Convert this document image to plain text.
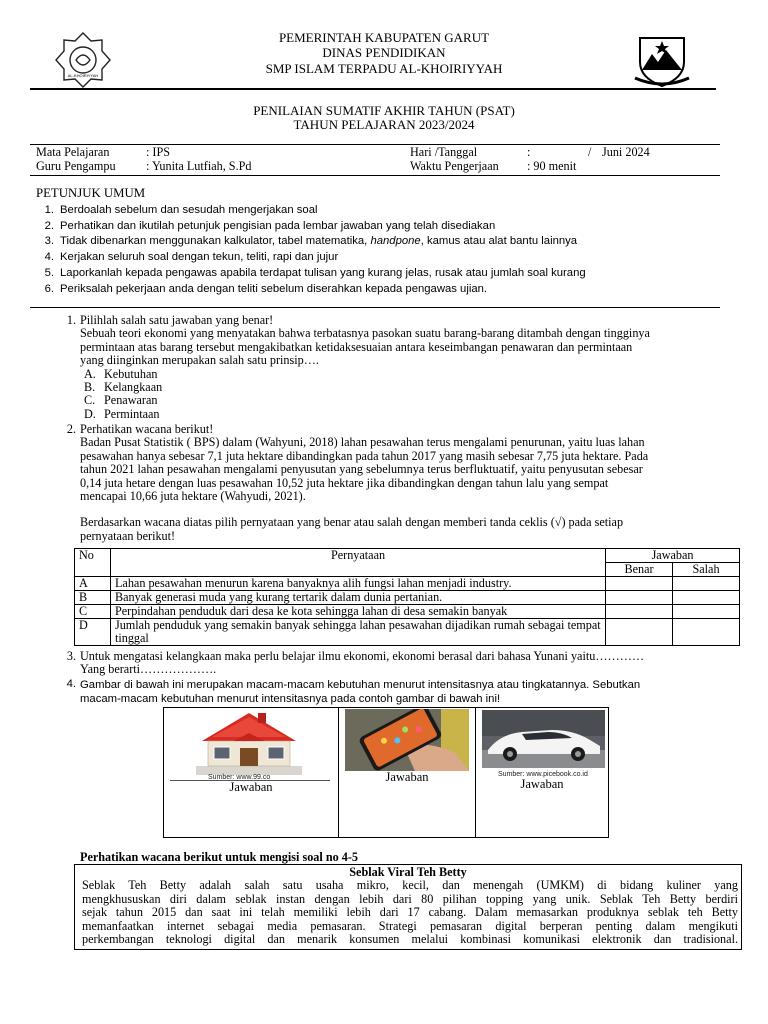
AL-KHOIRIYYAH
PEMERINTAH KABUPATEN GARUT
DINAS PENDIDIKAN
SMP ISLAM TERPADU AL-KHOIRIYYAH
PENILAIAN SUMATIF AKHIR TAHUN (PSAT)
TAHUN PELAJARAN 2023/2024
Mata Pelajaran	: IPS
Guru Pengampu : Yunita Lutfiah, S.Pd
Hari /Tanggal	:	/ Juni 2024
Waktu Pengerjaan : 90 menit
PETUNJUK UMUM
1. Berdoalah sebelum dan sesudah mengerjakan soal
2. Perhatikan dan ikutilah petunjuk pengisian pada lembar jawaban yang telah disediakan
3. Tidak dibenarkan menggunakan kalkulator, tabel matematika, handpone, kamus atau alat bantu lainnya
4. Kerjakan seluruh soal dengan tekun, teliti, rapi dan jujur
5. Laporkanlah kepada pengawas apabila terdapat tulisan yang kurang jelas, rusak atau jumlah soal kurang
6. Periksalah pekerjaan anda dengan teliti sebelum diserahkan kepada pengawas ujian.
1. Pilihlah salah satu jawaban yang benar!
Sebuah teori ekonomi yang menyatakan bahwa terbatasnya pasokan suatu barang-barang ditambah dengan tingginya
permintaan atas barang tersebut mengakibatkan ketidaksesuaian antara keseimbangan penawaran dan permintaan
yang diinginkan merupakan salah satu prinsip….
A. Kebutuhan
B. Kelangkaan
C. Penawaran
D. Permintaan
2. Perhatikan wacana berikut!
Badan Pusat Statistik ( BPS) dalam (Wahyuni, 2018) lahan pesawahan terus mengalami penurunan, yaitu luas lahan
pesawahan hanya sebesar 7,1 juta hektare dibandingkan pada tahun 2017 yang masih sebesar 7,75 juta hektare. Pada
tahun 2021 lahan pesawahan mengalami penyusutan yang sebelumnya terus berfluktuatif, yaitu penyusutan sebesar
0,14 juta hetare dengan luas pesawahan 10,52 juta hektare jika dibandingkan dengan tahun lalu yang sempat
mencapai 10,66 juta hektare (Wahyudi, 2021).
Berdasarkan wacana diatas pilih pernyataan yang benar atau salah dengan memberi tanda ceklis (√) pada setiap
pernyataan berikut!
No	Pernyataan	Jawaban	
		Benar	Salah
A	Lahan pesawahan menurun karena banyaknya alih fungsi lahan menjadi industry.		
B	Banyak generasi muda yang kurang tertarik dalam dunia pertanian.		
C	Perpindahan penduduk dari desa ke kota sehingga lahan di desa semakin banyak		
D	Jumlah penduduk yang semakin banyak sehingga lahan pesawahan dijadikan rumah sebagai tempat tinggal		
3. Untuk mengatasi kelangkaan maka perlu belajar ilmu ekonomi, ekonomi berasal dari bahasa Yunani yaitu…………
Yang berarti……………….
4. Gambar di bawah ini merupakan macam-macam kebutuhan menurut intensitasnya atau tingkatannya. Sebutkan
macam-macam kebutuhan menurut intensitasnya pada contoh gambar di bawah ini!
Sumber: www.99.co
Jawaban
Jawaban	Sumber: www.picebook.co.id
Jawaban
Perhatikan wacana berikut untuk mengisi soal no 4-5
Seblak Viral Teh Betty
Seblak Teh Betty adalah salah satu usaha mikro, kecil, dan menengah (UMKM) di bidang kuliner yang
mengkhususkan diri dalam seblak instan dengan lebih dari 80 pilihan topping yang unik. Seblak Teh Betty berdiri
sejak tahun 2015 dan saat ini telah memiliki lebih dari 17 cabang. Dalam memasarkan produknya seblak teh Betty
memanfaatkan internet sebagai media pemasaran. Strategi pemasaran digital berperan penting dalam mengikuti
perkembangan teknologi digital dan menarik konsumen melalui kombinasi komunikasi elektronik dan tradisional.
